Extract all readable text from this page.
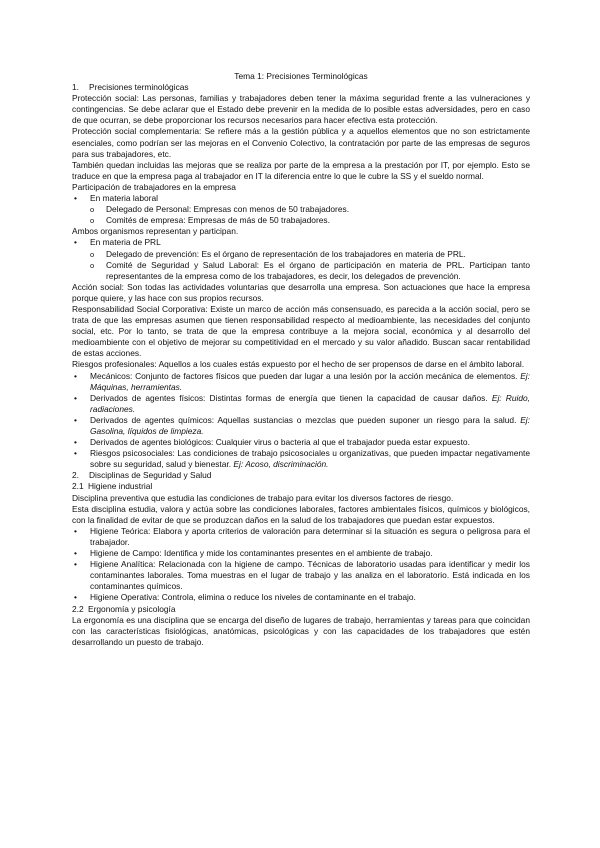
Tema 1: Precisiones Terminológicas

1.	Precisiones terminológicas

Protección social: Las personas, familias y trabajadores deben tener la máxima seguridad frente a las vulneraciones y contingencias. Se debe aclarar que el Estado debe prevenir en la medida de lo posible estas adversidades, pero en caso de que ocurran, se debe proporcionar los recursos necesarios para hacer efectiva esta protección.

Protección social complementaria: Se refiere más a la gestión pública y a aquellos elementos que no son estrictamente esenciales, como podrían ser las mejoras en el Convenio Colectivo, la contratación por parte de las empresas de seguros para sus trabajadores, etc.

También quedan incluidas las mejoras que se realiza por parte de la empresa a la prestación por IT, por ejemplo. Esto se traduce en que la empresa paga al trabajador en IT la diferencia entre lo que le cubre la SS y el sueldo normal.

Participación de trabajadores en la empresa

• En materia laboral
o Delegado de Personal: Empresas con menos de 50 trabajadores.
o Comités de empresa: Empresas de más de 50 trabajadores.

Ambos organismos representan y participan.

• En materia de PRL
o Delegado de prevención: Es el órgano de representación de los trabajadores en materia de PRL.
o Comité de Seguridad y Salud Laboral: Es el órgano de participación en materia de PRL. Participan tanto representantes de la empresa como de los trabajadores, es decir, los delegados de prevención.

Acción social: Son todas las actividades voluntarias que desarrolla una empresa. Son actuaciones que hace la empresa porque quiere, y las hace con sus propios recursos.

Responsabilidad Social Corporativa: Existe un marco de acción más consensuado, es parecida a la acción social, pero se trata de que las empresas asumen que tienen responsabilidad respecto al medioambiente, las necesidades del conjunto social, etc. Por lo tanto, se trata de que la empresa contribuye a la mejora social, económica y al desarrollo del medioambiente con el objetivo de mejorar su competitividad en el mercado y su valor añadido. Buscan sacar rentabilidad de estas acciones.

Riesgos profesionales: Aquellos a los cuales estás expuesto por el hecho de ser propensos de darse en el ámbito laboral.

• Mecánicos: Conjunto de factores físicos que pueden dar lugar a una lesión por la acción mecánica de elementos. Ej: Máquinas, herramientas.
• Derivados de agentes físicos: Distintas formas de energía que tienen la capacidad de causar daños. Ej: Ruido, radiaciones.
• Derivados de agentes químicos: Aquellas sustancias o mezclas que pueden suponer un riesgo para la salud. Ej: Gasolina, líquidos de limpieza.
• Derivados de agentes biológicos: Cualquier virus o bacteria al que el trabajador pueda estar expuesto.
• Riesgos psicosociales: Las condiciones de trabajo psicosociales u organizativas, que pueden impactar negativamente sobre su seguridad, salud y bienestar. Ej: Acoso, discriminación.
2.	Disciplinas de Seguridad y Salud
2.1 Higiene industrial

Disciplina preventiva que estudia las condiciones de trabajo para evitar los diversos factores de riesgo.

Esta disciplina estudia, valora y actúa sobre las condiciones laborales, factores ambientales físicos, químicos y biológicos, con la finalidad de evitar de que se produzcan daños en la salud de los trabajadores que puedan estar expuestos.

• Higiene Teórica: Elabora y aporta criterios de valoración para determinar si la situación es segura o peligrosa para el trabajador.
• Higiene de Campo: Identifica y mide los contaminantes presentes en el ambiente de trabajo.
• Higiene Analítica: Relacionada con la higiene de campo. Técnicas de laboratorio usadas para identificar y medir los contaminantes laborales. Toma muestras en el lugar de trabajo y las analiza en el laboratorio. Está indicada en los contaminantes químicos.
• Higiene Operativa: Controla, elimina o reduce los niveles de contaminante en el trabajo.
2.2 Ergonomía y psicología

La ergonomía es una disciplina que se encarga del diseño de lugares de trabajo, herramientas y tareas para que coincidan con las características fisiológicas, anatómicas, psicológicas y con las capacidades de los trabajadores que estén desarrollando un puesto de trabajo.
